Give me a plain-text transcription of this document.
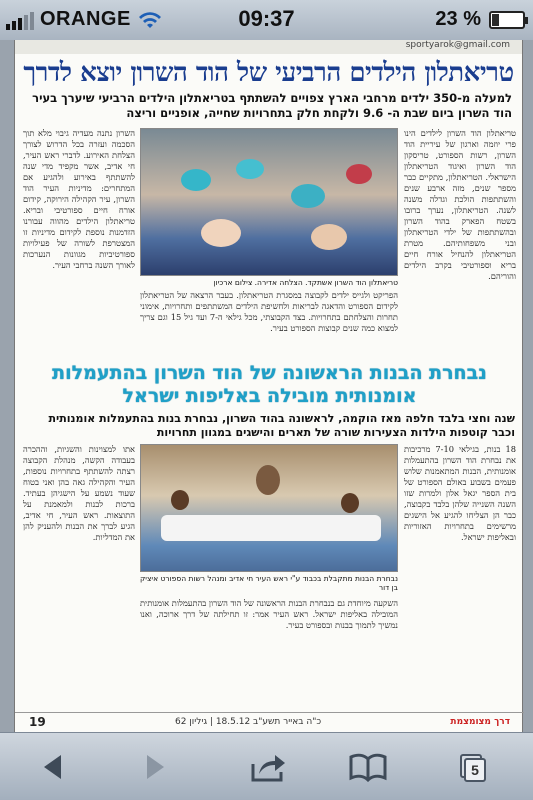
ORANGE	09:37	23 %
sportyarok@gmail.com
טריאתלון הילדים הרביעי של הוד השרון יוצא לדרך
למעלה מ-350 ילדים מרחבי הארץ צפויים להשתתף בטריאתלון הילדים הרביעי שיערך בעיר הוד השרון ביום שבת ה- 9.6 ולקחת חלק בתחרויות שחייה, אופניים וריצה
טריאתלון הוד השרון לילדים הינו פרי יוזמה וארגון של עיריית הוד השרון, רשות הספורט, טריסקון הוד השרון ואיגוד הטריאתלון הישראלי. הטריאתלון, מתקיים כבר מספר שנים, מזה ארבע שנים והשתתפות הולכת וגדלה משנה לשנה. הטריאתלון, נערך ברובו בשטח הפארק בהוד השרון ובהשתתפות של ילדי הטריאתלון ובני משפחותיהם. מטרת הטריאתלון להנחיל אורח חיים בריא וספורטיבי בקרב הילדים והוריהם.
השרון נתנה מעדיה גיבוי מלא תוך הסכמה ועזרה בכל הדרוש לצורך הצלחת האירוע. לדברי ראש העיר, חי אדיב, אשר מקפיד מדי שנה להשתתף באירוע ולהגיע אם המתחרים: מדיניות העיר הוד השרון, עיר הקהילה הירוקה, קידום אורח חיים ספורטיבי ובריא. טריאתלון הילדים מהווה עבורנו הזדמנות נוספת לקידום מדיניות זו המצטרפת לשורה של פעילויות ספורטיביות מגוונות הנערכות לאורך השנה ברחבי העיר.
טריאתלון הוד השרון אשתקד. הצלחה אדירה. צילום ארכיון
הפריקט ולגייס ילדים לקבוצה במסגרת הטריאתלון. בעבר הרצאה של הטריאתלון לקידום הספורט והדאגה לבריאות ולחשיפת הילדים המשתתפים ותחרויות, אימוני תחרות והצלחתם בתחרויות. בצד הקבוצתי, מכל גילאי ה-7 ועד גיל 15 וגם צריך למצוא כמה שנים קבוצות הספורט בעיר.
נבחרת הבנות הראשונה של הוד השרון בהתעמלות
אומנותית מובילה באליפות ישראל
שנה וחצי בלבד חלפה מאז הוקמה, לראשונה בהוד השרון, נבחרת בנות בהתעמלות אומנותית וכבר קוטפות הילדות הצעירות שורה של תארים והישגים במגוון תחרויות
18 בנות, בגילאי 7-10 מרכיבות את נבחרת הוד השרון בהתעמלות אומנותית, הבנות המתאמנות שלוש פעמים בשבוע באולם הספורט של בית הספר יגאל אלון ולמרות שזו השנה השנייה שלהן בלבד בקבוצה, כבר הן הצליחו להגיע אל הישגים מרשימים בתחרויות האזוריות ובאליפות ישראל.
אתו למצוינות והשגיות, וההכרה בעבודה הקשה, מנהלת הקבוצה רצתה להשתתף בתחרויות נוספות, העיר והקהילה גאה בהן ואני בטוח שעוד נשמע על הישגיהן בעתיד. ברכות לבנות ולמאמנת על התוצאות. ראש העיר, חי אדיב, הגיע לברך את הבנות ולהעניק להן את המדליות.
נבחרת הבנות מתקבלת בכבוד ע"י ראש העיר חי אדיב ומנהל רשות הספורט איציק בן דור
השקעה מיוחדת גם בנבחרת הבנות הראשונה של הוד השרון בהתעמלות אומנותית המובילה באליפות ישראל. ראש העיר אמר: זו תחילתה של דרך ארוכה, ואנו נמשיך לתמוך בבנות ובספורט בעיר.
דרך מצומצמת
כ"ה באייר תשע"ב 18.5.12 | גיליון 62
19
5
